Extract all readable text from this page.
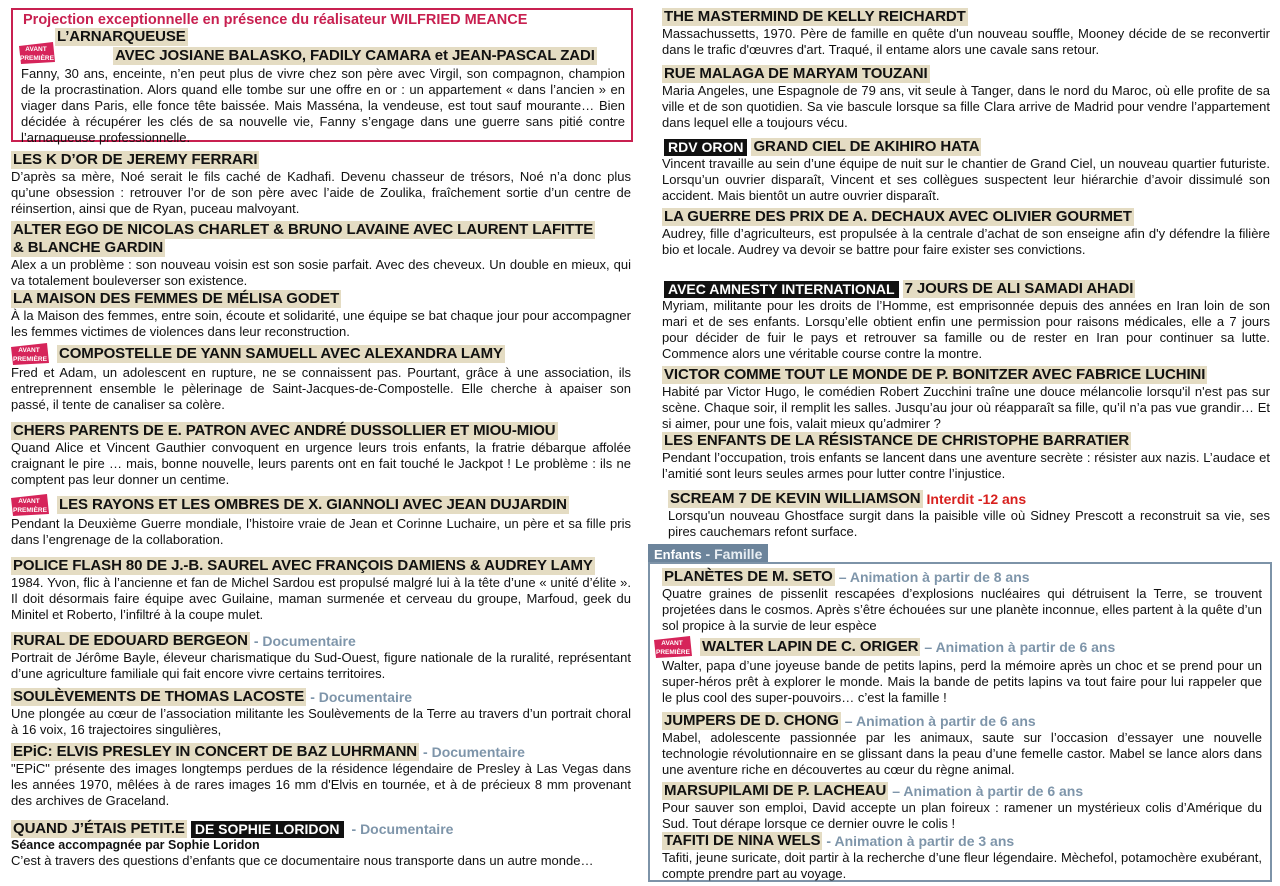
Projection exceptionnelle en présence du réalisateur WILFRIED MEANCE
AVANT
PREMIÈRE
L’ARNARQUEUSE
AVEC JOSIANE BALASKO, FADILY CAMARA et JEAN-PASCAL ZADI

Fanny, 30 ans, enceinte, n’en peut plus de vivre chez son père avec Virgil, son compagnon, champion de la procrastination. Alors quand elle tombe sur une offre en or : un appartement « dans l’ancien » en viager dans Paris, elle fonce tête baissée. Mais Masséna, la vendeuse, est tout sauf mourante… Bien décidée à récupérer les clés de sa nouvelle vie, Fanny s’engage dans une guerre sans pitié contre l’arnaqueuse professionnelle.

LES K D’OR DE JEREMY FERRARI

D’après sa mère, Noé serait le fils caché de Kadhafi. Devenu chasseur de trésors, Noé n’a donc plus qu’une obsession : retrouver l’or de son père avec l’aide de Zoulika, fraîchement sortie d’un centre de réinsertion, ainsi que de Ryan, puceau malvoyant.

ALTER EGO DE NICOLAS CHARLET & BRUNO LAVAINE AVEC LAURENT LAFITTE
& BLANCHE GARDIN

Alex a un problème : son nouveau voisin est son sosie parfait. Avec des cheveux. Un double en mieux, qui va totalement bouleverser son existence.

LA MAISON DES FEMMES DE MÉLISA GODET

À la Maison des femmes, entre soin, écoute et solidarité, une équipe se bat chaque jour pour accompagner les femmes victimes de violences dans leur reconstruction.

AVANT
PREMIÈRE COMPOSTELLE DE YANN SAMUELL AVEC ALEXANDRA LAMY

Fred et Adam, un adolescent en rupture, ne se connaissent pas. Pourtant, grâce à une association, ils entreprennent ensemble le pèlerinage de Saint-Jacques-de-Compostelle. Elle cherche à apaiser son passé, il tente de canaliser sa colère.

CHERS PARENTS DE E. PATRON AVEC ANDRÉ DUSSOLLIER ET MIOU-MIOU

Quand Alice et Vincent Gauthier convoquent en urgence leurs trois enfants, la fratrie débarque affolée craignant le pire … mais, bonne nouvelle, leurs parents ont en fait touché le Jackpot ! Le problème : ils ne comptent pas leur donner un centime.

AVANT
PREMIÈRE LES RAYONS ET LES OMBRES DE X. GIANNOLI AVEC JEAN DUJARDIN

Pendant la Deuxième Guerre mondiale, l’histoire vraie de Jean et Corinne Luchaire, un père et sa fille pris dans l’engrenage de la collaboration.

POLICE FLASH 80 DE J.-B. SAUREL AVEC FRANÇOIS DAMIENS & AUDREY LAMY

1984. Yvon, flic à l’ancienne et fan de Michel Sardou est propulsé malgré lui à la tête d’une « unité d’élite ». Il doit désormais faire équipe avec Guilaine, maman surmenée et cerveau du groupe, Marfoud, geek du Minitel et Roberto, l’infiltré à la coupe mulet.

RURAL DE EDOUARD BERGEON - Documentaire

Portrait de Jérôme Bayle, éleveur charismatique du Sud-Ouest, figure nationale de la ruralité, représentant d’une agriculture familiale qui fait encore vivre certains territoires.

SOULÈVEMENTS DE THOMAS LACOSTE - Documentaire

Une plongée au cœur de l’association militante les Soulèvements de la Terre au travers d’un portrait choral à 16 voix, 16 trajectoires singulières,

EPiC: ELVIS PRESLEY IN CONCERT DE BAZ LUHRMANN - Documentaire

"EPiC" présente des images longtemps perdues de la résidence légendaire de Presley à Las Vegas dans les années 1970, mêlées à de rares images 16 mm d'Elvis en tournée, et à de précieux 8 mm provenant des archives de Graceland.

QUAND J’ÉTAIS PETIT.E DE SOPHIE LORIDON - Documentaire
Séance accompagnée par Sophie Loridon

C’est à travers des questions d’enfants que ce documentaire nous transporte dans un autre monde…

THE MASTERMIND DE KELLY REICHARDT

Massachussetts, 1970. Père de famille en quête d'un nouveau souffle, Mooney décide de se reconvertir dans le trafic d'œuvres d'art. Traqué, il entame alors une cavale sans retour.

RUE MALAGA DE MARYAM TOUZANI

Maria Angeles, une Espagnole de 79 ans, vit seule à Tanger, dans le nord du Maroc, où elle profite de sa ville et de son quotidien. Sa vie bascule lorsque sa fille Clara arrive de Madrid pour vendre l’appartement dans lequel elle a toujours vécu.

RDV ORON GRAND CIEL DE AKIHIRO HATA

Vincent travaille au sein d’une équipe de nuit sur le chantier de Grand Ciel, un nouveau quartier futuriste. Lorsqu’un ouvrier disparaît, Vincent et ses collègues suspectent leur hiérarchie d’avoir dissimulé son accident. Mais bientôt un autre ouvrier disparaît.

LA GUERRE DES PRIX DE A. DECHAUX AVEC OLIVIER GOURMET

Audrey, fille d’agriculteurs, est propulsée à la centrale d’achat de son enseigne afin d'y défendre la filière bio et locale. Audrey va devoir se battre pour faire exister ses convictions.

AVEC AMNESTY INTERNATIONAL 7 JOURS DE ALI SAMADI AHADI

Myriam, militante pour les droits de l’Homme, est emprisonnée depuis des années en Iran loin de son mari et de ses enfants. Lorsqu’elle obtient enfin une permission pour raisons médicales, elle a 7 jours pour décider de fuir le pays et retrouver sa famille ou de rester en Iran pour continuer sa lutte. Commence alors une véritable course contre la montre.

VICTOR COMME TOUT LE MONDE DE P. BONITZER AVEC FABRICE LUCHINI

Habité par Victor Hugo, le comédien Robert Zucchini traîne une douce mélancolie lorsqu'il n'est pas sur scène. Chaque soir, il remplit les salles. Jusqu’au jour où réapparaît sa fille, qu’il n’a pas vue grandir… Et si aimer, pour une fois, valait mieux qu’admirer ?

LES ENFANTS DE LA RÉSISTANCE DE CHRISTOPHE BARRATIER

Pendant l’occupation, trois enfants se lancent dans une aventure secrète : résister aux nazis. L’audace et l’amitié sont leurs seules armes pour lutter contre l’injustice.

SCREAM 7 DE KEVIN WILLIAMSON Interdit -12 ans

Lorsqu'un nouveau Ghostface surgit dans la paisible ville où Sidney Prescott a reconstruit sa vie, ses pires cauchemars refont surface.

Enfants - Famille
PLANÈTES DE M. SETO – Animation à partir de 8 ans

Quatre graines de pissenlit rescapées d’explosions nucléaires qui détruisent la Terre, se trouvent projetées dans le cosmos. Après s’être échouées sur une planète inconnue, elles partent à la quête d’un sol propice à la survie de leur espèce

AVANT
PREMIÈRE WALTER LAPIN DE C. ORIGER – Animation à partir de 6 ans

Walter, papa d’une joyeuse bande de petits lapins, perd la mémoire après un choc et se prend pour un super-héros prêt à explorer le monde. Mais la bande de petits lapins va tout faire pour lui rappeler que le plus cool des super-pouvoirs… c’est la famille !

JUMPERS DE D. CHONG – Animation à partir de 6 ans

Mabel, adolescente passionnée par les animaux, saute sur l’occasion d’essayer une nouvelle technologie révolutionnaire en se glissant dans la peau d’une femelle castor. Mabel se lance alors dans une aventure riche en découvertes au cœur du règne animal.

MARSUPILAMI DE P. LACHEAU – Animation à partir de 6 ans

Pour sauver son emploi, David accepte un plan foireux : ramener un mystérieux colis d’Amérique du Sud. Tout dérape lorsque ce dernier ouvre le colis !

TAFITI DE NINA WELS - Animation à partir de 3 ans

Tafiti, jeune suricate, doit partir à la recherche d’une fleur légendaire. Mèchefol, potamochère exubérant, compte prendre part au voyage.
